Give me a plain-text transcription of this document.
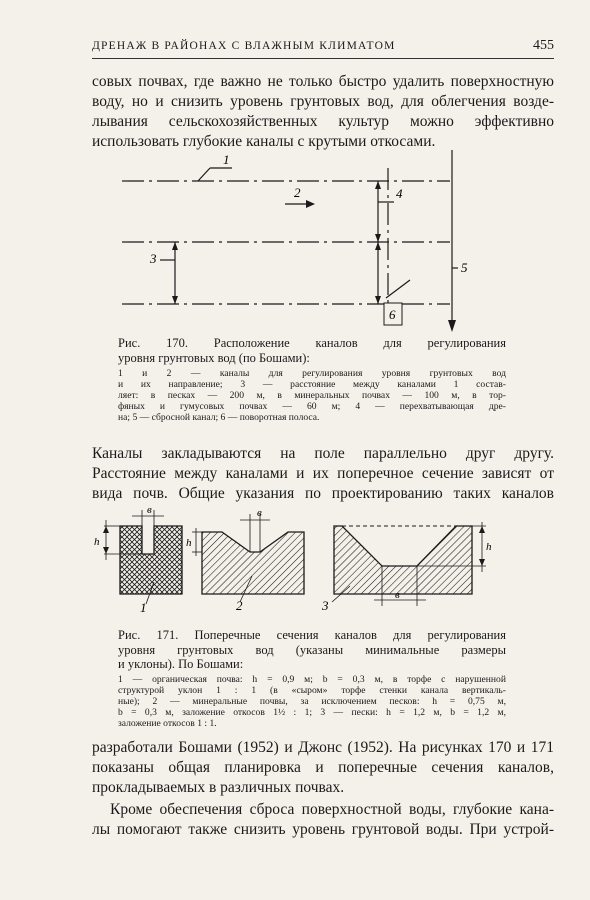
ДРЕНАЖ В РАЙОНАХ С ВЛАЖНЫМ КЛИМАТОМ	455
совых почвах, где важно не только быстро удалить поверхностную
воду, но и снизить уровень грунтовых вод, для облегчения возде-
лывания сельскохозяйственных культур можно эффективно
использовать глубокие каналы с крутыми откосами.
1
2
3
4
5
6
Рис. 170. Расположение каналов для регулирования
уровня грунтовых вод (по Бошами):
1 и 2 — каналы для регулирования уровня грунтовых вод
и их направление; 3 — расстояние между каналами 1 состав-
ляет: в песках — 200 м, в минеральных почвах — 100 м, в тор-
фяных и гумусовых почвах — 60 м; 4 — перехватывающая дре-
на; 5 — сбросной канал; 6 — поворотная полоса.
Каналы закладываются на поле параллельно друг другу.
Расстояние между каналами и их поперечное сечение зависят от
вида почв. Общие указания по проектированию таких каналов
h
в
1
h
в
2
h
в
3
Рис. 171. Поперечные сечения каналов для регулирования
уровня грунтовых вод (указаны минимальные размеры
и уклоны). По Бошами:
1 — органическая почва: h = 0,9 м; b = 0,3 м, в торфе с нарушенной
структурой уклон 1 : 1 (в «сыром» торфе стенки канала вертикаль-
ные); 2 — минеральные почвы, за исключением песков: h = 0,75 м,
b = 0,3 м, заложение откосов 1½ : 1; 3 — пески: h = 1,2 м, b = 1,2 м,
заложение откосов 1 : 1.
разработали Бошами (1952) и Джонс (1952). На рисунках 170 и 171
показаны общая планировка и поперечные сечения каналов,
прокладываемых в различных почвах.
Кроме обеспечения сброса поверхностной воды, глубокие кана-
лы помогают также снизить уровень грунтовой воды. При устрой-
